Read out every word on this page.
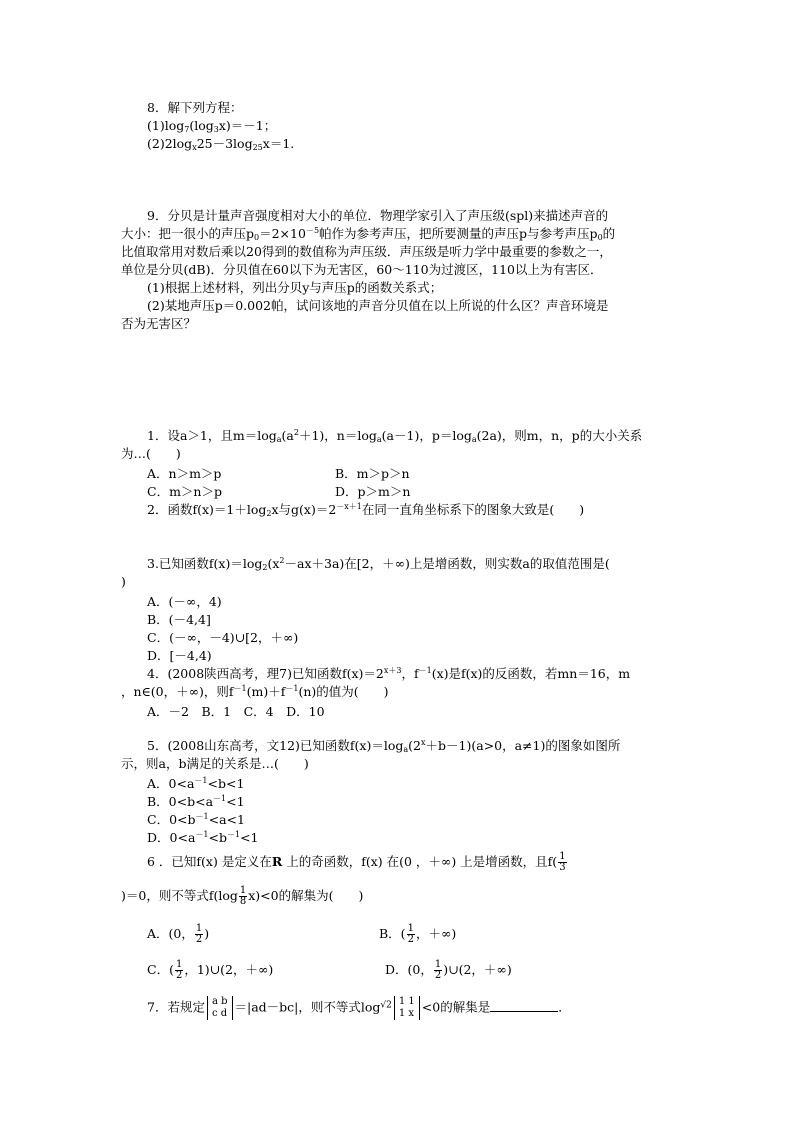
8．解下列方程：
$(1)\log_7(\log_3x)=-1$；
$(2)2\log_x25-3\log_{25}x=1$.
9．分贝是计量声音强度相对大小的单位．物理学家引入了声压级(spl)来描述声音的
大小：把一很小的声压$p_0=2\times 10^{-5}$帕作为参考声压，把所要测量的声压p与参考声压$p_0$的
比值取常用对数后乘以20得到的数值称为声压级．声压级是听力学中最重要的参数之一，
单位是分贝(dB)．分贝值在60以下为无害区，60～110为过渡区，110以上为有害区．
(1)根据上述材料，列出分贝y与声压p的函数关系式；
(2)某地声压p＝0.002帕，试问该地的声音分贝值在以上所说的什么区？声音环境是
否为无害区？
1．设a＞1，且$m=\log_a(a^2+1)$，$n=\log_a(a-1)$，$p=\log_a(2a)$，则m，n，p的大小关系
为…(　　)
A．n＞m＞p	B．m＞p＞n
C．m＞n＞p	D．p＞m＞n
2．函数$f(x)=1+\log_2x$与$g(x)=2^{-x+1}$在同一直角坐标系下的图象大致是(　　)
3.已知函数$f(x)=\log_2(x^2-ax+3a)$在[2，＋∞)上是增函数，则实数a的取值范围是(
)
A．(－∞，4)
B．(－4,4]
C．(－∞，－4)∪[2，＋∞)
D．[－4,4)
4．(2008陕西高考，理7)已知函数$f(x)=2^{x+3}$，$f^{-1}(x)$是f(x)的反函数，若mn＝16，m
，n∈(0，＋∞)，则$f^{-1}(m)+f^{-1}(n)$的值为(　　)
A．－2　B．1　C．4　D．10
5．(2008山东高考，文12)已知函数$f(x)=\log_a(2^x+b-1)(a>0$，a≠1)的图象如图所
示，则a，b满足的关系是…(　　)
A．$0<a^{-1}<b<1$
B．$0<b<a^{-1}<1$
C．$0<b^{-1}<a<1$
D．$0<a^{-1}<b^{-1}<1$
6 ．已知f(x) 是定义在R 上的奇函数，f(x) 在(0 ，＋∞) 上是增函数，且$f( \frac{1}{3}$
)＝0，则不等式$f(\log \frac{1}{8} x)<0$的解集为(　　)
A．(0， $\frac{1}{2}$ )	B．( $\frac{1}{2}$ ，＋∞)
C．( $\frac{1}{2}$ ，1)∪(2，＋∞)	D．(0， $\frac{1}{2}$ )∪(2，＋∞)
7．若规定 a b
c d ＝|ad－bc|，则不等式$\log^{√2} 1$ 1
1 x <0的解集是	．
